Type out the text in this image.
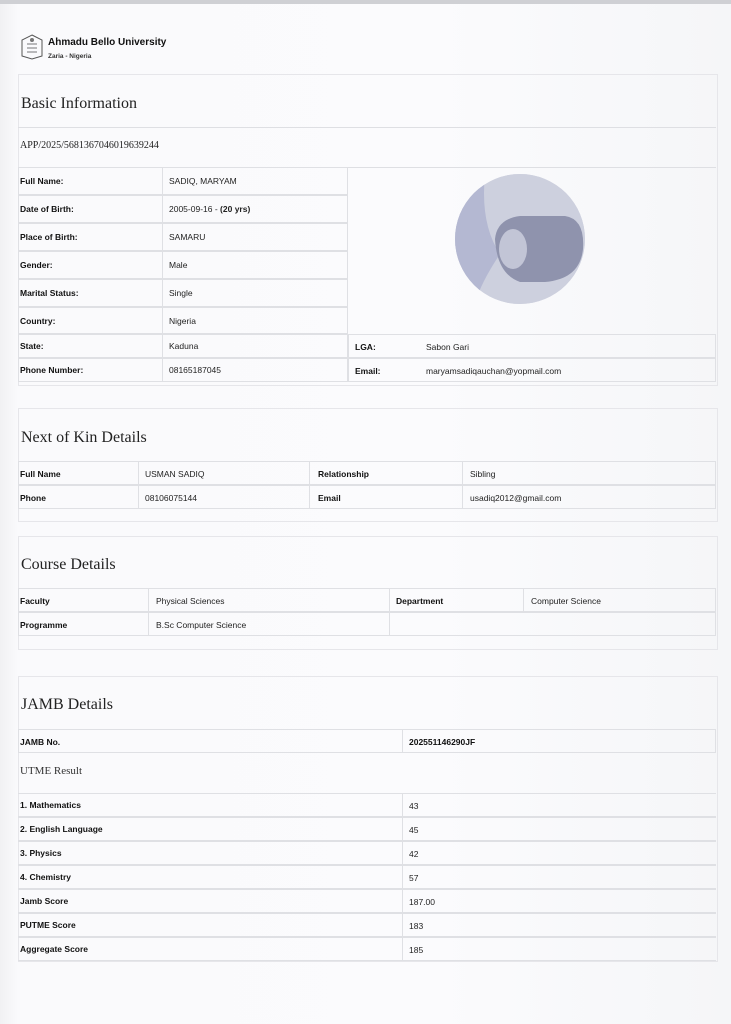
Ahmadu Bello University
Zaria - Nigeria
Basic Information
APP/2025/5681367046019639244
Full Name:	SADIQ, MARYAM
Date of Birth:	2005-09-16 - (20 yrs)
Place of Birth:	SAMARU
Gender:	Male
Marital Status:	Single
Country:	Nigeria
State:	Kaduna
Phone Number:	08165187045
LGA:	Sabon Gari
Email:	maryamsadiqauchan@yopmail.com
Next of Kin Details
Full Name	USMAN SADIQ	Relationship	Sibling
Phone	08106075144	Email	usadiq2012@gmail.com
Course Details
Faculty	Physical Sciences	Department	Computer Science
Programme	B.Sc Computer Science
JAMB Details
JAMB No.	202551146290JF
UTME Result
1. Mathematics	43
2. English Language	45
3. Physics	42
4. Chemistry	57
Jamb Score	187.00
PUTME Score	183
Aggregate Score	185
